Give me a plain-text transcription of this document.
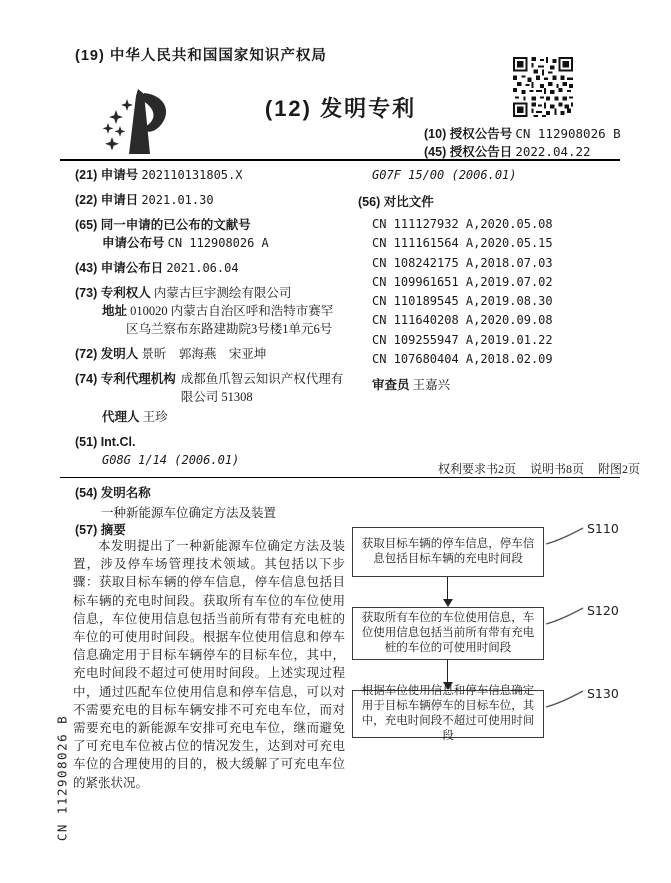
(19) 中华人民共和国国家知识产权局
(12) 发明专利
(10) 授权公告号 CN 112908026 B
(45) 授权公告日 2022.04.22
(21) 申请号 202110131805.X
(22) 申请日 2021.01.30
(65) 同一申请的已公布的文献号
申请公布号 CN 112908026 A
(43) 申请公布日 2021.06.04
(73) 专利权人 内蒙古巨宇测绘有限公司
地址 010020 内蒙古自治区呼和浩特市赛罕区乌兰察布东路建勘院3号楼1单元6号
(72) 发明人 景昕　郭海燕　宋亚坤
(74) 专利代理机构 成都鱼爪智云知识产权代理有限公司 51308
代理人 王珍
(51) Int.Cl.
G08G 1/14 (2006.01)
G07F 15/00 (2006.01)
(56) 对比文件
CN 111127932 A,2020.05.08
CN 111161564 A,2020.05.15
CN 108242175 A,2018.07.03
CN 109961651 A,2019.07.02
CN 110189545 A,2019.08.30
CN 111640208 A,2020.09.08
CN 109255947 A,2019.01.22
CN 107680404 A,2018.02.09
审查员 王嘉兴
权利要求书2页 说明书8页 附图2页
(54) 发明名称
一种新能源车位确定方法及装置
(57) 摘要
本发明提出了一种新能源车位确定方法及装置，涉及停车场管理技术领域。其包括以下步骤：获取目标车辆的停车信息，停车信息包括目标车辆的充电时间段。获取所有车位的车位使用信息，车位使用信息包括当前所有带有充电桩的车位的可使用时间段。根据车位使用信息和停车信息确定用于目标车辆停车的目标车位，其中，充电时间段不超过可使用时间段。上述实现过程中，通过匹配车位使用信息和停车信息，可以对不需要充电的目标车辆安排不可充电车位，而对需要充电的新能源车安排可充电车位，继而避免了可充电车位被占位的情况发生，达到对可充电车位的合理使用的目的，极大缓解了可充电车位的紧张状况。
获取目标车辆的停车信息，停车信息包括目标车辆的充电时间段
S110
获取所有车位的车位使用信息，车位使用信息包括当前所有带有充电桩的车位的可使用时间段
S120
根据车位使用信息和停车信息确定用于目标车辆停车的目标车位，其中，充电时间段不超过可使用时间段
S130
CN 112908026 B
